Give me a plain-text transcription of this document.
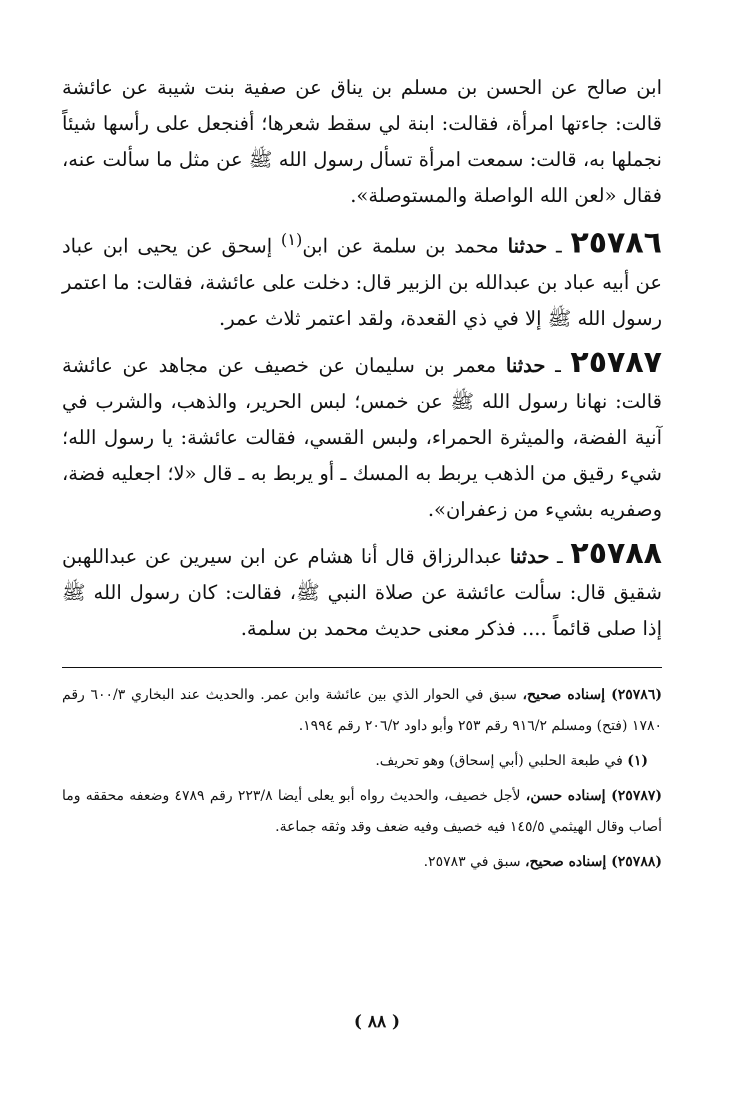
ابن صالح عن الحسن بن مسلم بن يناق عن صفية بنت شيبة عن عائشة قالت: جاءتها امرأة، فقالت: ابنة لي سقط شعرها؛ أفنجعل على رأسها شيئاً نجملها به، قالت: سمعت امرأة تسأل رسول الله ﷺ عن مثل ما سألت عنه، فقال «لعن الله الواصلة والمستوصلة».

٢٥٧٨٦ ـ حدثنا محمد بن سلمة عن ابن$^{(١)}$ إسحق عن يحيى ابن عباد عن أبيه عباد بن عبدالله بن الزبير قال: دخلت على عائشة، فقالت: ما اعتمر رسول الله ﷺ إلا في ذي القعدة، ولقد اعتمر ثلاث عمر.

٢٥٧٨٧ ـ حدثنا معمر بن سليمان عن خصيف عن مجاهد عن عائشة قالت: نهانا رسول الله ﷺ عن خمس؛ لبس الحرير، والذهب، والشرب في آنية الفضة، والميثرة الحمراء، ولبس القسي، فقالت عائشة: يا رسول الله؛ شيء رقيق من الذهب يربط به المسك ـ أو يربط به ـ قال «لا؛ اجعليه فضة، وصفريه بشيء من زعفران».

٢٥٧٨٨ ـ حدثنا عبدالرزاق قال أنا هشام عن ابن سيرين عن عبداللهبن شقيق قال: سألت عائشة عن صلاة النبي ﷺ، فقالت: كان رسول الله ﷺ إذا صلى قائماً .... فذكر معنى حديث محمد بن سلمة.

(٢٥٧٨٦) إسناده صحيح، سبق في الحوار الذي بين عائشة وابن عمر. والحديث عند البخاري ٦٠٠/٣ رقم ١٧٨٠ (فتح) ومسلم ٩١٦/٢ رقم ٢٥٣ وأبو داود ٢٠٦/٢ رقم ١٩٩٤.

(١) في طبعة الحلبي (أبي إسحاق) وهو تحريف.

(٢٥٧٨٧) إسناده حسن، لأجل خصيف، والحديث رواه أبو يعلى أيضا ٢٢٣/٨ رقم ٤٧٨٩ وضعفه محققه وما أصاب وقال الهيثمي ١٤٥/٥ فيه خصيف وفيه ضعف وقد وثقه جماعة.

(٢٥٧٨٨) إسناده صحيح، سبق في ٢٥٧٨٣.

( ٨٨ )
